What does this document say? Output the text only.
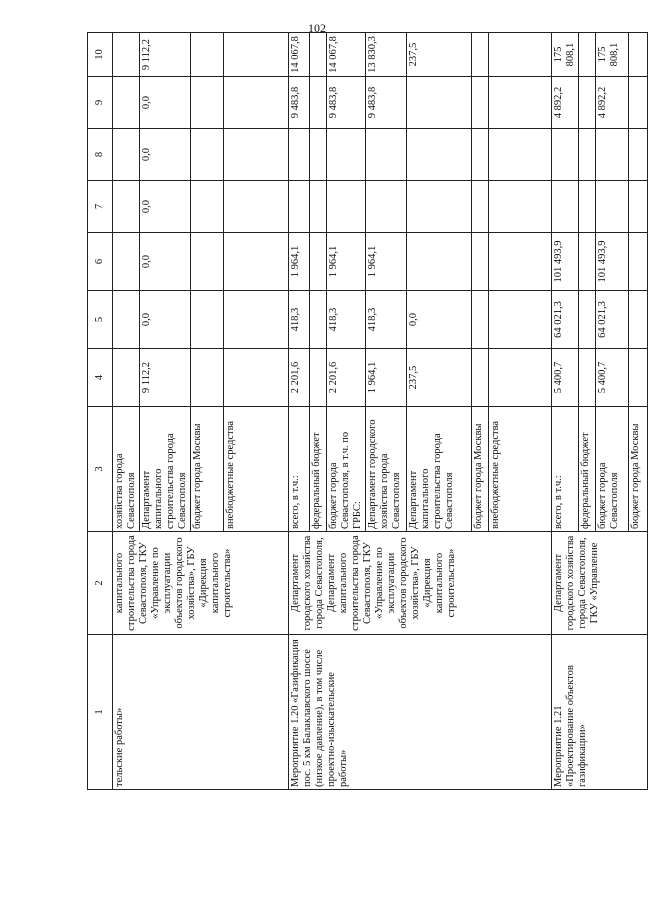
102
1	2	3	4	5	6	7	8	9	10
тельские работы»	капитального строительства города Севастополя, ГКУ «Управление по эксплуатации объектов городского хозяйства», ГБУ «Дирекция капитального строительства»	хозяйства города Севастополя							
		Департамент капитального строительства города Севастополя	9 112,2	0,0	0,0	0,0	0,0	0,0	9 112,2
		бюджет города Москвы							
		внебюджетные средства							
Мероприятие 1.20 «Газификация пос. 5 км Балаклавского шоссе (низкое давление), в том числе проектно-изыскательские работы»	Департамент городского хозяйства города Севастополя, Департамент капитального строительства города Севастополя, ГКУ «Управление по эксплуатации объектов городского хозяйства», ГБУ «Дирекция капитального строительства»	всего, в т.ч.:	2 201,6	418,3	1 964,1			9 483,8	14 067,8
		федеральный бюджет							
		бюджет города Севастополя, в т.ч. по ГРБС:	2 201,6	418,3	1 964,1			9 483,8	14 067,8
		Департамент городского хозяйства города Севастополя	1 964,1	418,3	1 964,1			9 483,8	13 830,3
		Департамент капитального строительства города Севастополя	237,5	0,0					237,5
		бюджет города Москвы							
		внебюджетные средства							
Мероприятие 1.21 «Проектирование объектов газификации»	Департамент городского хозяйства города Севастополя, ГКУ «Управление	всего, в т.ч.:	5 400,7	64 021,3	101 493,9			4 892,2	175 808,1
		федеральный бюджет							
		бюджет города Севастополя	5 400,7	64 021,3	101 493,9			4 892,2	175 808,1
		бюджет города Москвы							
